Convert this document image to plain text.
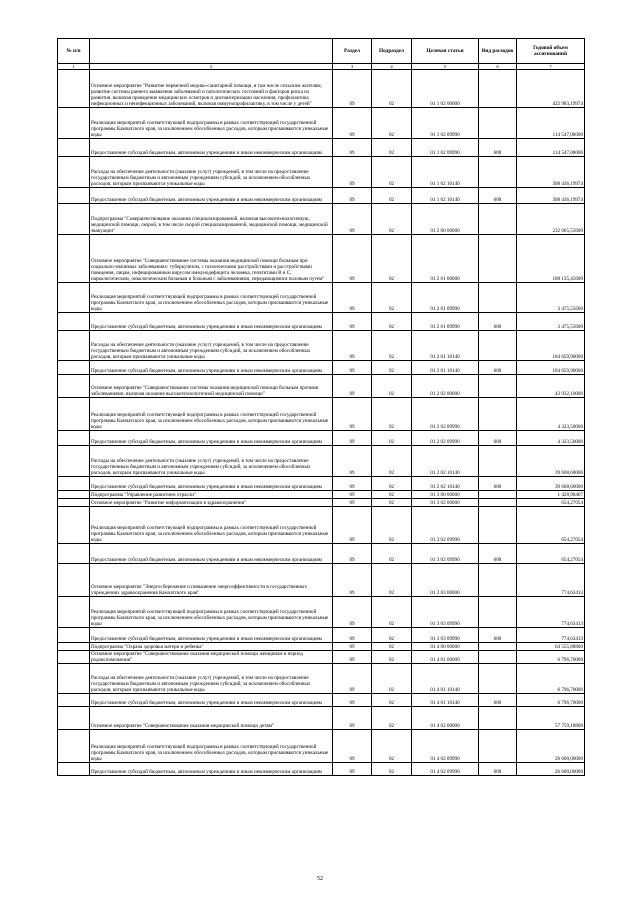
№ п/п		Раздел	Подраздел	Целевая статья	Вид расходов	Годовой объем ассигнований
1	2	3	4	5	6	7
	Основное мероприятие "Развитие первичной медико-санитарной помощи, в том числе сельским жителям, развитие системы раннего выявления заболеваний и патологических состояний и факторов риска их развития, включая проведение медицинских осмотров и диспансеризации населения, профилактика инфекционных и неинфекционных заболеваний, включая иммунопрофилактику, в том числе у детей"	09	02	01 1 02 00000		422 983,19974
	Реализация мероприятий соответствующей подпрограммы в рамках соответствующей государственной программы Камчатского края, за исключением обособленных расходов, которым присваиваются уникальные коды	09	02	01 1 02 09990		114 547,00000
	Предоставление субсидий бюджетным, автономным учреждениям и иным некоммерческим организациям	09	02	01 1 02 09990	600	114 547,00000
	Расходы на обеспечение деятельности (оказание услуг) учреждений, в том числе на предоставление государственным бюджетным и автономным учреждениям субсидий, за исключением обособленных расходов, которым присваиваются уникальные коды	09	02	01 1 02 10140		308 436,19974
	Предоставление субсидий бюджетным, автономным учреждениям и иным некоммерческим организациям	09	02	01 1 02 10140	600	308 436,19974
	Подпрограмма "Совершенствование оказания специализированной, включая высокотехнологичную, медицинской помощи, скорой, в том числе скорой специализированной, медицинской помощи, медицинской эвакуации"	09	02	01 2 00 00000		232 065,55600
	Основное мероприятие "Совершенствование системы оказания медицинской помощи больным при социально-значимых заболеваниях: туберкулезом, с психическими расстройствами и расстройствами поведения, лицам, инфицированным вирусом иммунодефицита человека, гепатитами В и С, наркологическим, онкологическим больным и больным с заболеваниями, передающимися половым путем"	09	02	01 2 01 00000		188 135,45600
	Реализация мероприятий соответствующей подпрограммы в рамках соответствующей государственной программы Камчатского края, за исключением обособленных расходов, которым присваиваются уникальные коды	09	02	01 2 01 09990		3 475,55600
	Предоставление субсидий бюджетным, автономным учреждениям и иным некоммерческим организациям	09	02	01 2 01 09990	600	3 475,55600
	Расходы на обеспечение деятельности (оказание услуг) учреждений, в том числе на предоставление государственным бюджетным и автономным учреждениям субсидий, за исключением обособленных расходов, которым присваиваются уникальные коды	09	02	01 2 01 10140		184 659,90000
	Предоставление субсидий бюджетным, автономным учреждениям и иным некоммерческим организациям	09	02	01 2 01 10140	600	184 659,90000
	Основное мероприятие "Совершенствование системы оказания медицинской помощи больным прочими заболеваниями, включая оказание высокотехнологичной медицинской помощи"	09	02	01 2 02 00000		43 932,10000
	Реализация мероприятий соответствующей подпрограммы в рамках соответствующей государственной программы Камчатского края, за исключением обособленных расходов, которым присваиваются уникальные коды	09	02	01 2 02 09990		4 323,50000
	Предоставление субсидий бюджетным, автономным учреждениям и иным некоммерческим организациям	09	02	01 2 02 09990	600	4 323,50000
	Расходы на обеспечение деятельности (оказание услуг) учреждений, в том числе на предоставление государственным бюджетным и автономным учреждениям субсидий, за исключением обособленных расходов, которым присваиваются уникальные коды	09	02	01 2 02 10140		39 608,60000
	Предоставление субсидий бюджетным, автономным учреждениям и иным некоммерческим организациям	09	02	01 2 02 10140	600	39 608,60000
	Подпрограмма "Управление развитием отрасли"	09	02	01 3 00 00000		1 428,90467
	Основное мероприятие "Развитие информатизации в здравоохранении"	09	02	01 3 02 00000		654,27054
	Реализация мероприятий соответствующей подпрограммы в рамках соответствующей государственной программы Камчатского края, за исключением обособленных расходов, которым присваиваются уникальные коды	09	02	01 3 02 09990		654,27054
	Предоставление субсидий бюджетным, автономным учреждениям и иным некоммерческим организациям	09	02	01 3 02 09990	600	654,27054
	Основное мероприятие "Энергосбережение и повышение энергоэффективности в государственных учреждениях здравоохранения Камчатского края"	09	02	01 3 03 00000		774,63413
	Реализация мероприятий соответствующей подпрограммы в рамках соответствующей государственной программы Камчатского края, за исключением обособленных расходов, которым присваиваются уникальные коды	09	02	01 3 03 09990		774,63413
	Предоставление субсидий бюджетным, автономным учреждениям и иным некоммерческим организациям	09	02	01 3 03 09990	600	774,63413
	Подпрограмма "Охрана здоровья матери и ребенка"	09	02	01 4 00 00000		64 555,88800
	Основное мероприятие "Совершенствование оказания медицинской помощи женщинам в период родовспоможения"	09	02	01 4 01 00000		6 796,70000
	Расходы на обеспечение деятельности (оказание услуг) учреждений, в том числе на предоставление государственным бюджетным и автономным учреждениям субсидий, за исключением обособленных расходов, которым присваиваются уникальные коды	09	02	01 4 01 10140		6 796,70000
	Предоставление субсидий бюджетным, автономным учреждениям и иным некоммерческим организациям	09	02	01 4 01 10140	600	6 796,70000
	Основное мероприятие "Совершенствование оказания медицинской помощи детям"	09	02	01 4 02 00000		57 759,18800
	Реализация мероприятий соответствующей подпрограммы в рамках соответствующей государственной программы Камчатского края, за исключением обособленных расходов, которым присваиваются уникальные коды	09	02	01 4 02 09990		26 600,00000
	Предоставление субсидий бюджетным, автономным учреждениям и иным некоммерческим организациям	09	02	01 4 02 09990	600	26 600,00000
52
